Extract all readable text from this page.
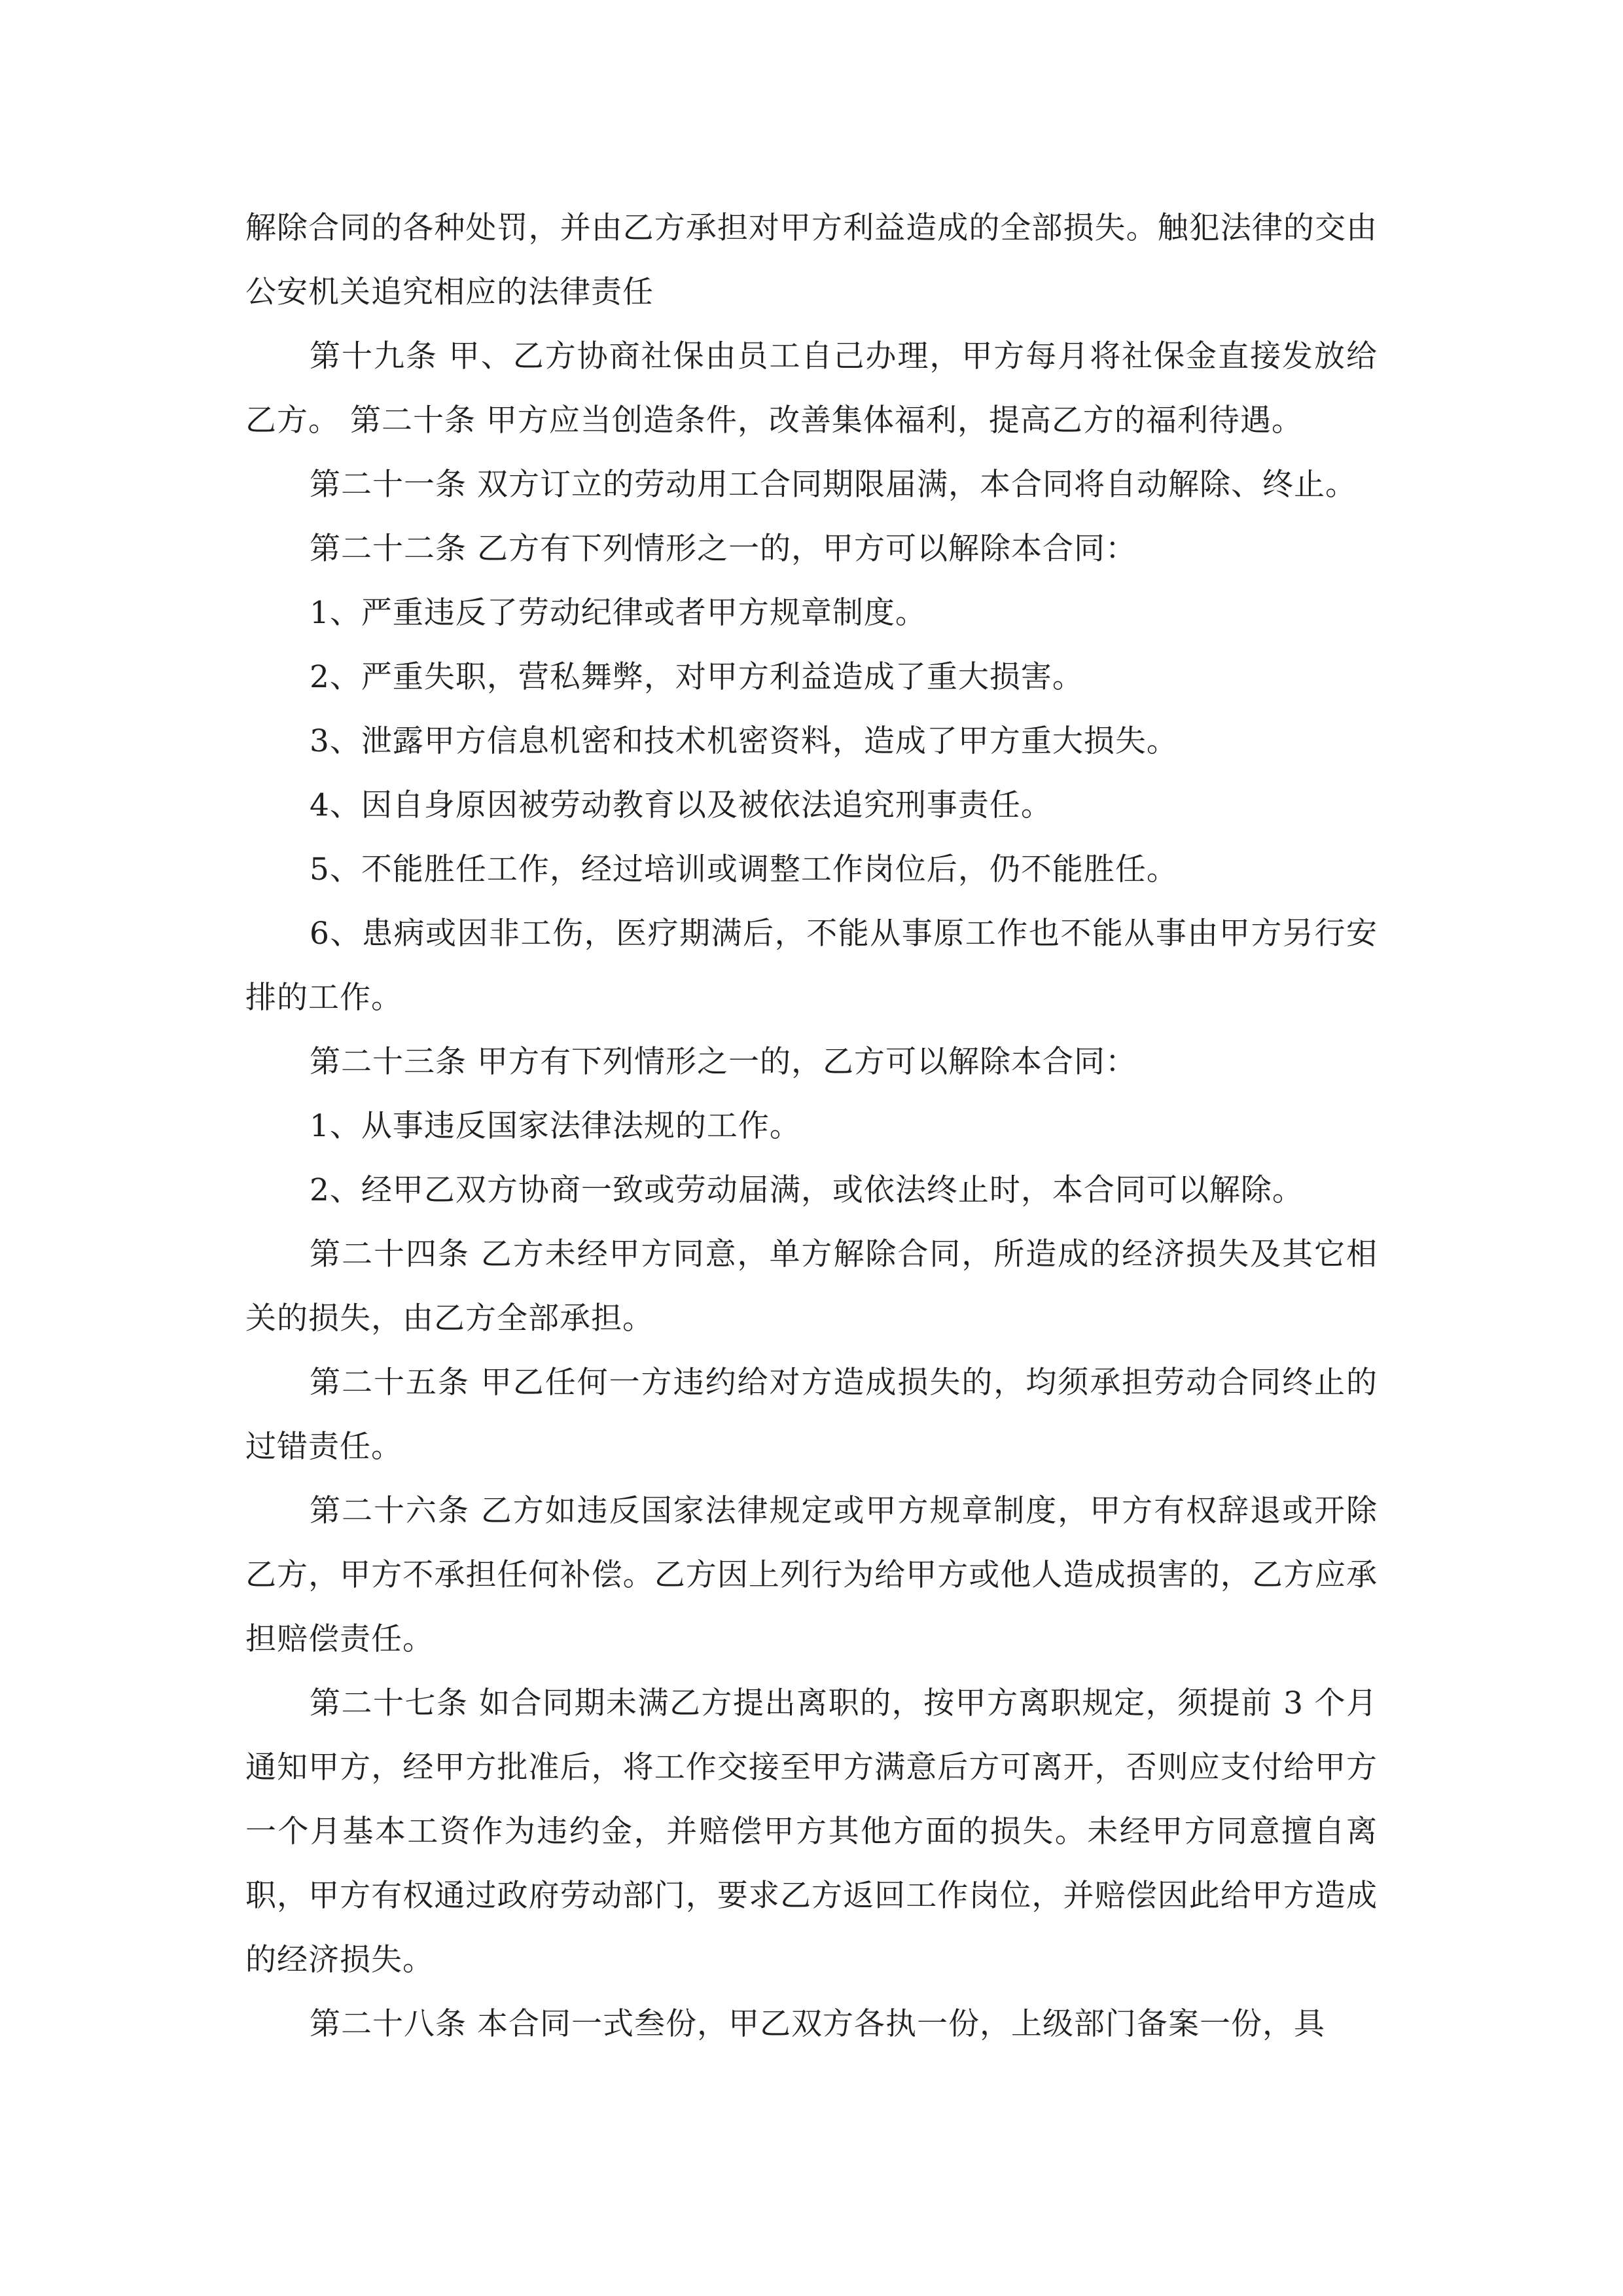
解除合同的各种处罚，并由乙方承担对甲方利益造成的全部损失。触犯法律的交由公安机关追究相应的法律责任

第十九条 甲、乙方协商社保由员工自己办理，甲方每月将社保金直接发放给乙方。 第二十条 甲方应当创造条件，改善集体福利，提高乙方的福利待遇。

第二十一条 双方订立的劳动用工合同期限届满，本合同将自动解除、终止。

第二十二条 乙方有下列情形之一的，甲方可以解除本合同：

1、严重违反了劳动纪律或者甲方规章制度。

2、严重失职，营私舞弊，对甲方利益造成了重大损害。

3、泄露甲方信息机密和技术机密资料，造成了甲方重大损失。

4、因自身原因被劳动教育以及被依法追究刑事责任。

5、不能胜任工作，经过培训或调整工作岗位后，仍不能胜任。

6、患病或因非工伤，医疗期满后，不能从事原工作也不能从事由甲方另行安排的工作。

第二十三条 甲方有下列情形之一的，乙方可以解除本合同：

1、从事违反国家法律法规的工作。

2、经甲乙双方协商一致或劳动届满，或依法终止时，本合同可以解除。

第二十四条 乙方未经甲方同意，单方解除合同，所造成的经济损失及其它相关的损失，由乙方全部承担。

第二十五条 甲乙任何一方违约给对方造成损失的，均须承担劳动合同终止的过错责任。

第二十六条 乙方如违反国家法律规定或甲方规章制度，甲方有权辞退或开除乙方，甲方不承担任何补偿。乙方因上列行为给甲方或他人造成损害的，乙方应承担赔偿责任。

第二十七条 如合同期未满乙方提出离职的，按甲方离职规定，须提前 3 个月通知甲方，经甲方批准后，将工作交接至甲方满意后方可离开，否则应支付给甲方一个月基本工资作为违约金，并赔偿甲方其他方面的损失。未经甲方同意擅自离职，甲方有权通过政府劳动部门，要求乙方返回工作岗位，并赔偿因此给甲方造成的经济损失。

第二十八条 本合同一式叁份，甲乙双方各执一份，上级部门备案一份，具
